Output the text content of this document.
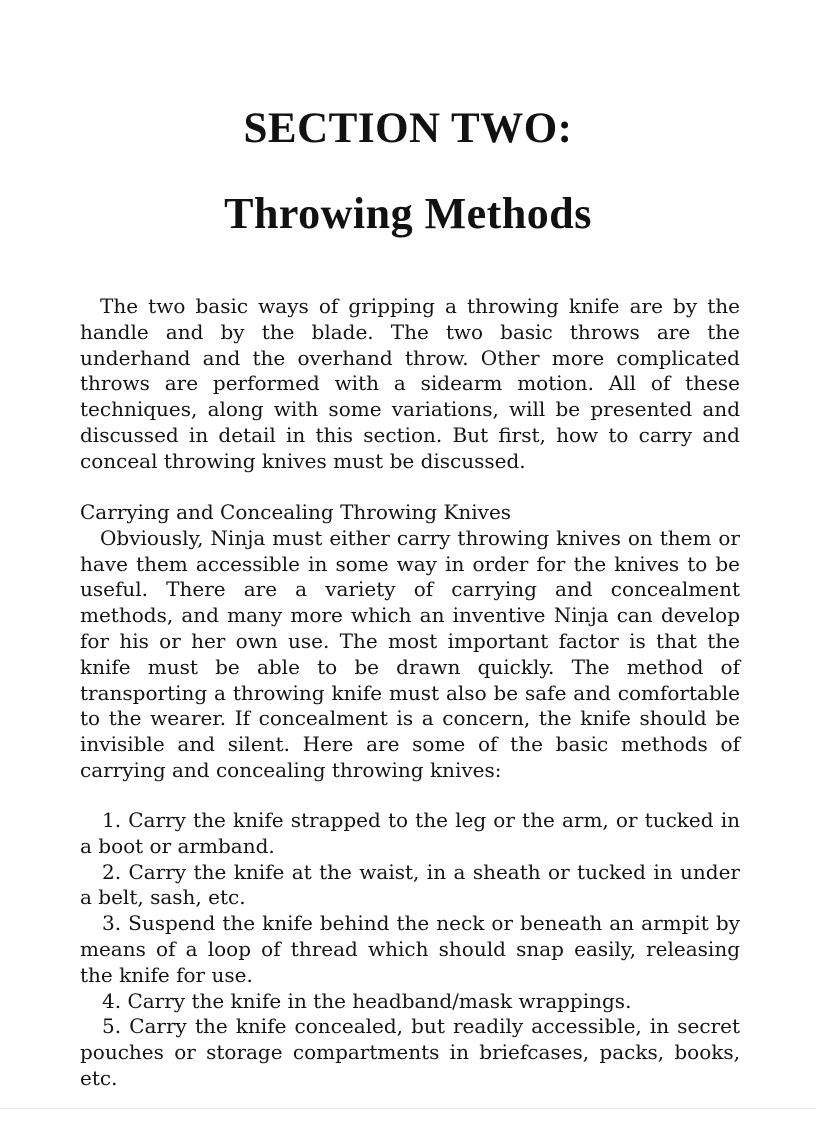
SECTION TWO:
Throwing Methods

The two basic ways of gripping a throwing knife are by the handle and by the blade. The two basic throws are the underhand and the overhand throw. Other more complicated throws are performed with a sidearm motion. All of these techniques, along with some variations, will be presented and discussed in detail in this section. But first, how to carry and conceal throwing knives must be discussed.

Carrying and Concealing Throwing Knives

Obviously, Ninja must either carry throwing knives on them or have them accessible in some way in order for the knives to be useful. There are a variety of carrying and concealment methods, and many more which an inventive Ninja can develop for his or her own use. The most important factor is that the knife must be able to be drawn quickly. The method of transporting a throwing knife must also be safe and comfortable to the wearer. If concealment is a concern, the knife should be invisible and silent. Here are some of the basic methods of carrying and concealing throwing knives:

1. Carry the knife strapped to the leg or the arm, or tucked in a boot or armband.

2. Carry the knife at the waist, in a sheath or tucked in under a belt, sash, etc.

3. Suspend the knife behind the neck or beneath an armpit by means of a loop of thread which should snap easily, releasing the knife for use.

4. Carry the knife in the headband/mask wrappings.

5. Carry the knife concealed, but readily accessible, in secret pouches or storage compartments in briefcases, packs, books, etc.
